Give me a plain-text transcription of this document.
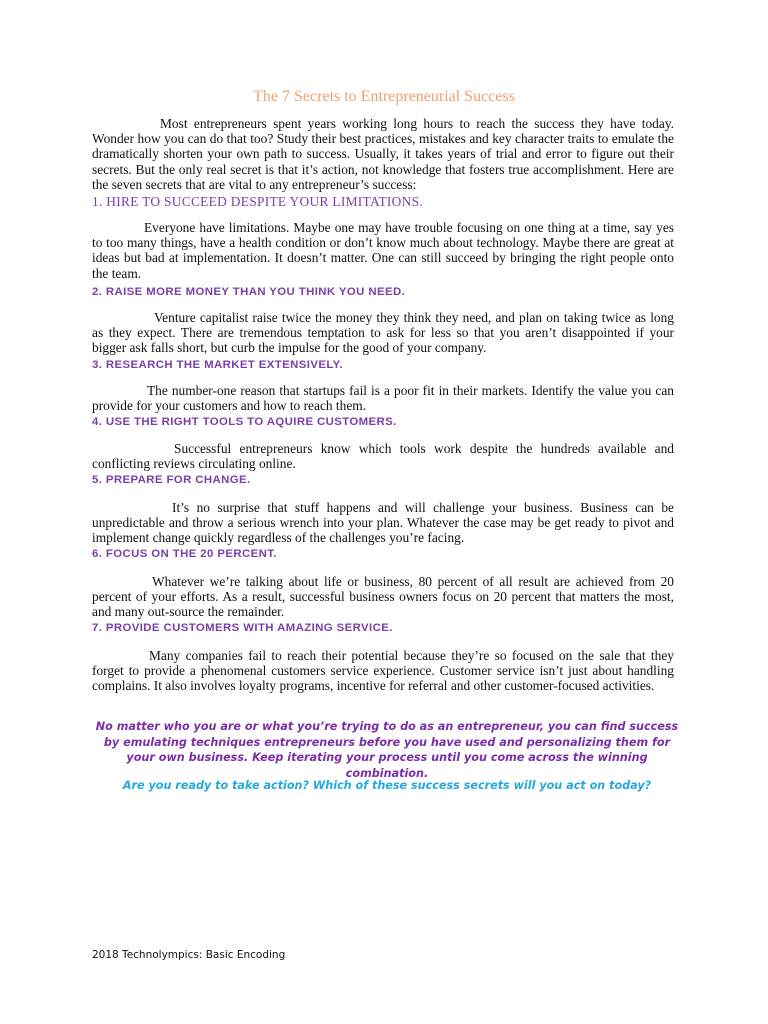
The 7 Secrets to Entrepreneurial Success
Most entrepreneurs spent years working long hours to reach the success they have today. Wonder how you can do that too? Study their best practices, mistakes and key character traits to emulate the dramatically shorten your own path to success. Usually, it takes years of trial and error to figure out their secrets. But the only real secret is that it’s action, not knowledge that fosters true accomplishment. Here are the seven secrets that are vital to any entrepreneur’s success:
1. HIRE TO SUCCEED DESPITE YOUR LIMITATIONS.
Everyone have limitations. Maybe one may have trouble focusing on one thing at a time, say yes to too many things, have a health condition or don’t know much about technology. Maybe there are great at ideas but bad at implementation. It doesn’t matter. One can still succeed by bringing the right people onto the team.
2. RAISE MORE MONEY THAN YOU THINK YOU NEED.
Venture capitalist raise twice the money they think they need, and plan on taking twice as long as they expect. There are tremendous temptation to ask for less so that you aren’t disappointed if your bigger ask falls short, but curb the impulse for the good of your company.
3. RESEARCH THE MARKET EXTENSIVELY.
The number-one reason that startups fail is a poor fit in their markets. Identify the value you can provide for your customers and how to reach them.
4. USE THE RIGHT TOOLS TO AQUIRE CUSTOMERS.
Successful entrepreneurs know which tools work despite the hundreds available and conflicting reviews circulating online.
5. PREPARE FOR CHANGE.
It’s no surprise that stuff happens and will challenge your business. Business can be unpredictable and throw a serious wrench into your plan. Whatever the case may be get ready to pivot and implement change quickly regardless of the challenges you’re facing.
6. FOCUS ON THE 20 PERCENT.
Whatever we’re talking about life or business, 80 percent of all result are achieved from 20 percent of your efforts. As a result, successful business owners focus on 20 percent that matters the most, and many out-source the remainder.
7. PROVIDE CUSTOMERS WITH AMAZING SERVICE.
Many companies fail to reach their potential because they’re so focused on the sale that they forget to provide a phenomenal customers service experience. Customer service isn’t just about handling complains. It also involves loyalty programs, incentive for referral and other customer-focused activities.
No matter who you are or what you’re trying to do as an entrepreneur, you can find success by emulating techniques entrepreneurs before you have used and personalizing them for your own business. Keep iterating your process until you come across the winning combination.
Are you ready to take action? Which of these success secrets will you act on today?
2018 Technolympics: Basic Encoding
